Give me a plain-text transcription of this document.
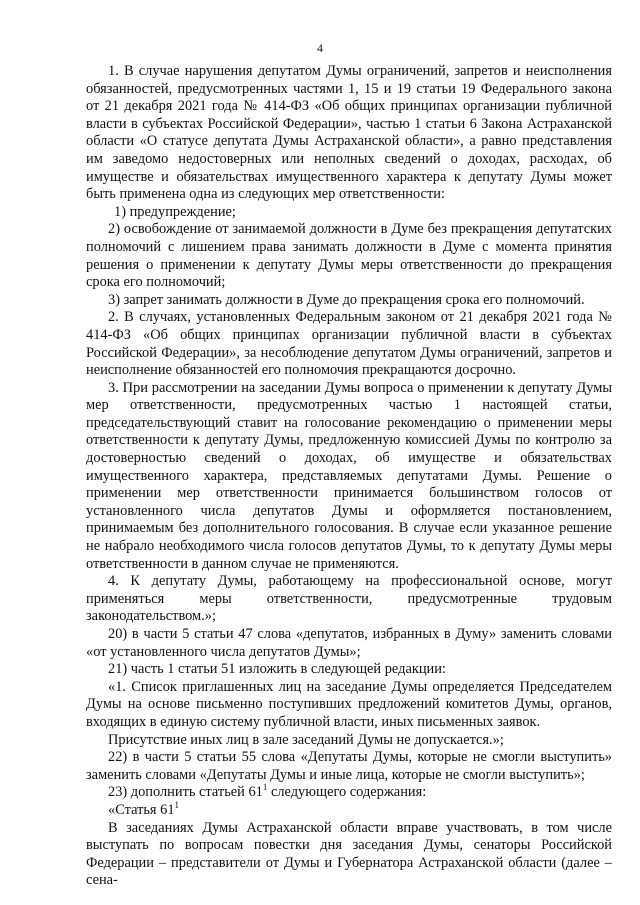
4

1. В случае нарушения депутатом Думы ограничений, запретов и неисполнения обязанностей, предусмотренных частями 1, 15 и 19 статьи 19 Федерального закона от 21 декабря 2021 года № 414-ФЗ «Об общих принципах организации публичной власти в субъектах Российской Федерации», частью 1 статьи 6 Закона Астраханской области «О статусе депутата Думы Астраханской области», а равно представления им заведомо недостоверных или неполных сведений о доходах, расходах, об имуществе и обязательствах имущественного характера к депутату Думы может быть применена одна из следующих мер ответственности:

1) предупреждение;

2) освобождение от занимаемой должности в Думе без прекращения депутатских полномочий с лишением права занимать должности в Думе с момента принятия решения о применении к депутату Думы меры ответственности до прекращения срока его полномочий;

3) запрет занимать должности в Думе до прекращения срока его полномочий.

2. В случаях, установленных Федеральным законом от 21 декабря 2021 года № 414-ФЗ «Об общих принципах организации публичной власти в субъектах Российской Федерации», за несоблюдение депутатом Думы ограничений, запретов и неисполнение обязанностей его полномочия прекращаются досрочно.

3. При рассмотрении на заседании Думы вопроса о применении к депутату Думы мер ответственности, предусмотренных частью 1 настоящей статьи, председательствующий ставит на голосование рекомендацию о применении меры ответственности к депутату Думы, предложенную комиссией Думы по контролю за достоверностью сведений о доходах, об имуществе и обязательствах имущественного характера, представляемых депутатами Думы. Решение о применении мер ответственности принимается большинством голосов от установленного числа депутатов Думы и оформляется постановлением, принимаемым без дополнительного голосования. В случае если указанное решение не набрало необходимого числа голосов депутатов Думы, то к депутату Думы меры ответственности в данном случае не применяются.

4. К депутату Думы, работающему на профессиональной основе, могут применяться меры ответственности, предусмотренные трудовым законодательством.»;

20) в части 5 статьи 47 слова «депутатов, избранных в Думу» заменить словами «от установленного числа депутатов Думы»;

21) часть 1 статьи 51 изложить в следующей редакции:

«1. Список приглашенных лиц на заседание Думы определяется Председателем Думы на основе письменно поступивших предложений комитетов Думы, органов, входящих в единую систему публичной власти, иных письменных заявок.

Присутствие иных лиц в зале заседаний Думы не допускается.»;

22) в части 5 статьи 55 слова «Депутаты Думы, которые не смогли выступить» заменить словами «Депутаты Думы и иные лица, которые не смогли выступить»;

23) дополнить статьей $61^1$ следующего содержания:

«Статья $61^1$

В заседаниях Думы Астраханской области вправе участвовать, в том числе выступать по вопросам повестки дня заседания Думы, сенаторы Российской Федерации – представители от Думы и Губернатора Астраханской области (далее – сена-
